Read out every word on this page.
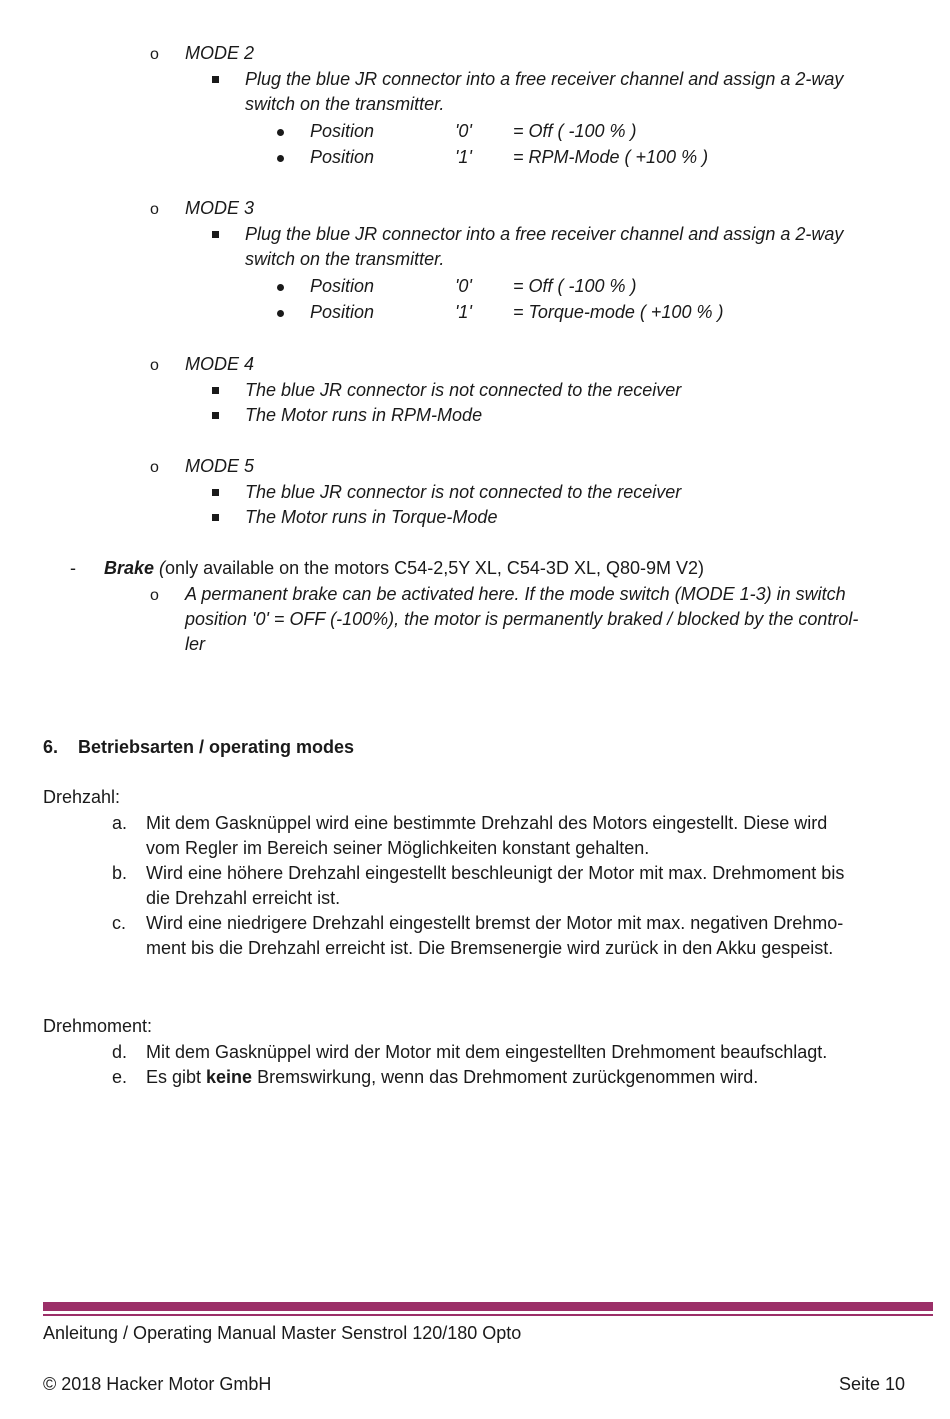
o MODE 2
Plug the blue JR connector into a free receiver channel and assign a 2-way
switch on the transmitter.
Position	'0' = Off ( -100 % )
Position	'1' = RPM-Mode ( +100 % )
o MODE 3
Plug the blue JR connector into a free receiver channel and assign a 2-way
switch on the transmitter.
Position	'0' = Off ( -100 % )
Position	'1' = Torque-mode ( +100 % )
o MODE 4
The blue JR connector is not connected to the receiver
The Motor runs in RPM-Mode
o MODE 5
The blue JR connector is not connected to the receiver
The Motor runs in Torque-Mode
- Brake (only available on the motors C54-2,5Y XL, C54-3D XL, Q80-9M V2)
o A permanent brake can be activated here. If the mode switch (MODE 1-3) in switch
position '0' = OFF (-100%), the motor is permanently braked / blocked by the control-
ler
6. Betriebsarten / operating modes
Drehzahl:
a. Mit dem Gasknüppel wird eine bestimmte Drehzahl des Motors eingestellt. Diese wird
vom Regler im Bereich seiner Möglichkeiten konstant gehalten.
b. Wird eine höhere Drehzahl eingestellt beschleunigt der Motor mit max. Drehmoment bis
die Drehzahl erreicht ist.
c. Wird eine niedrigere Drehzahl eingestellt bremst der Motor mit max. negativen Drehmo-
ment bis die Drehzahl erreicht ist. Die Bremsenergie wird zurück in den Akku gespeist.
Drehmoment:
d. Mit dem Gasknüppel wird der Motor mit dem eingestellten Drehmoment beaufschlagt.
e. Es gibt keine Bremswirkung, wenn das Drehmoment zurückgenommen wird.
Anleitung / Operating Manual Master Senstrol 120/180 Opto
© 2018 Hacker Motor GmbH	Seite 10
